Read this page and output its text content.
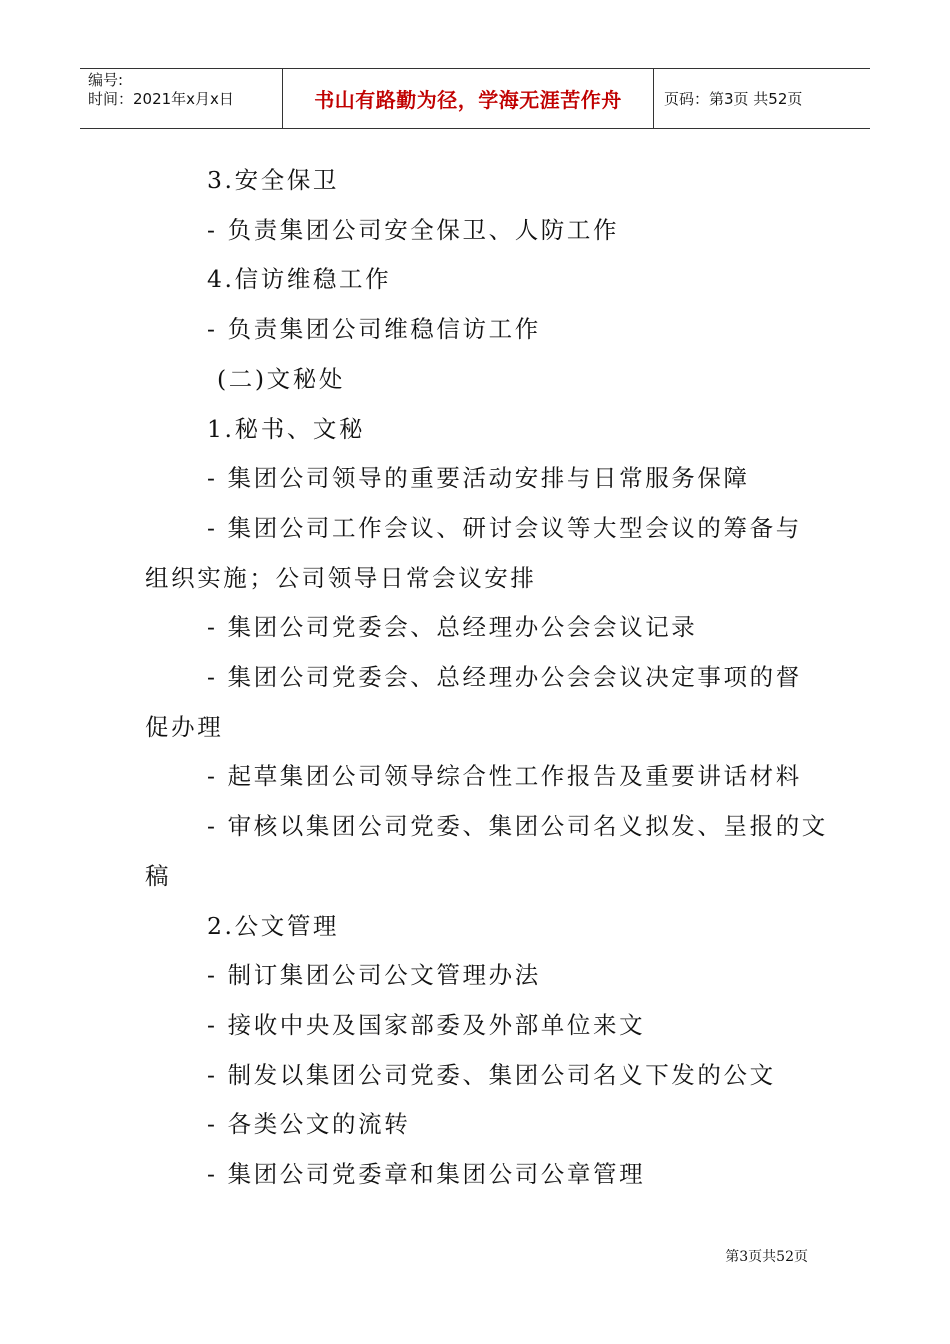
编号:
时间：2021年x月x日	书山有路勤为径，学海无涯苦作舟	页码：第3页 共52页
3.安全保卫
- 负责集团公司安全保卫、人防工作
4.信访维稳工作
- 负责集团公司维稳信访工作
(二)文秘处
1.秘书、文秘
- 集团公司领导的重要活动安排与日常服务保障
- 集团公司工作会议、研讨会议等大型会议的筹备与
组织实施；公司领导日常会议安排
- 集团公司党委会、总经理办公会会议记录
- 集团公司党委会、总经理办公会会议决定事项的督
促办理
- 起草集团公司领导综合性工作报告及重要讲话材料
- 审核以集团公司党委、集团公司名义拟发、呈报的文
稿
2.公文管理
- 制订集团公司公文管理办法
- 接收中央及国家部委及外部单位来文
- 制发以集团公司党委、集团公司名义下发的公文
- 各类公文的流转
- 集团公司党委章和集团公司公章管理
第3页共52页
